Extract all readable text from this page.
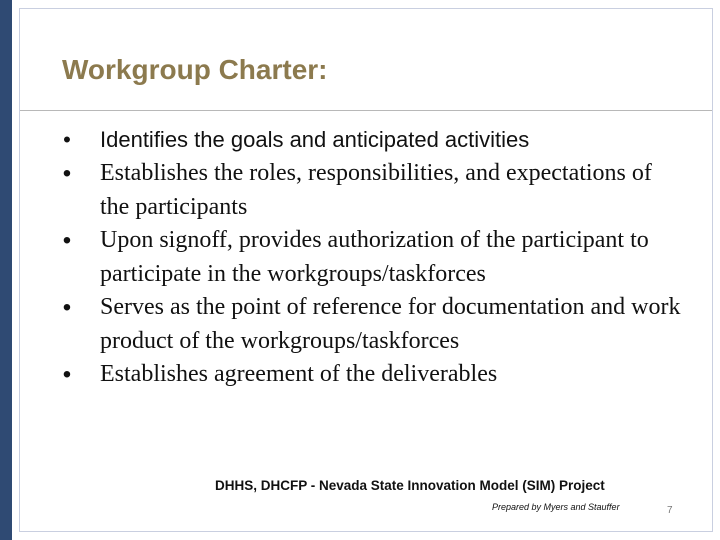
Workgroup Charter:
• Identifies the goals and anticipated activities
• Establishes the roles, responsibilities, and expectations of the participants
• Upon signoff, provides authorization of the participant to participate in the workgroups/taskforces
• Serves as the point of reference for documentation and work product of the workgroups/taskforces
• Establishes agreement of the deliverables
DHHS, DHCFP - Nevada State Innovation Model (SIM) Project
Prepared by Myers and Stauffer	7
